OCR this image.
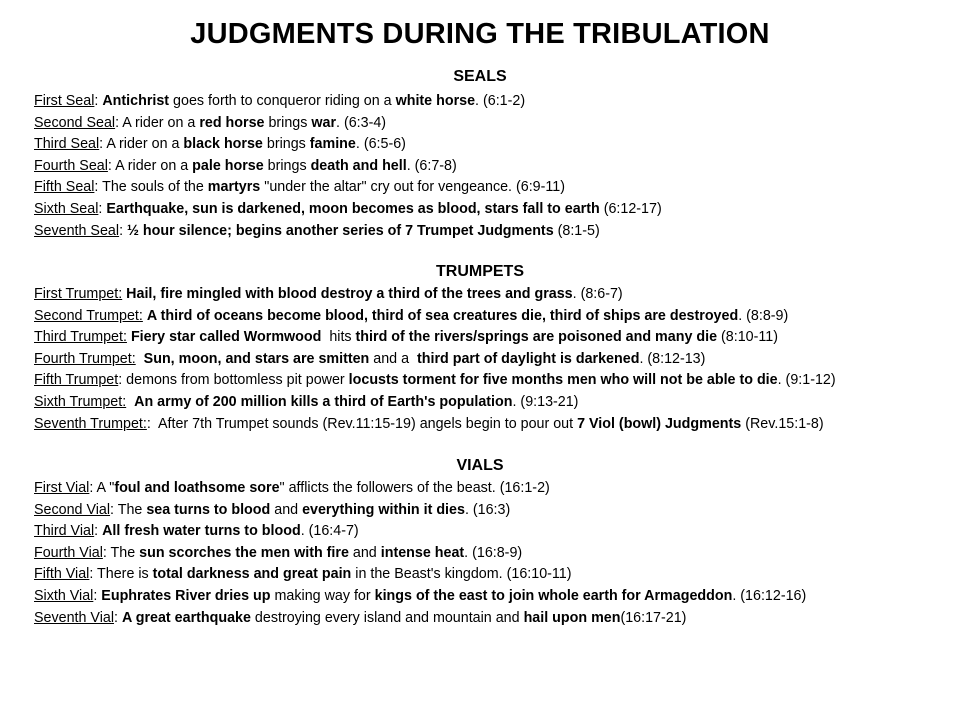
JUDGMENTS DURING THE TRIBULATION
SEALS
First Seal: Antichrist goes forth to conqueror riding on a white horse. (6:1-2)
Second Seal: A rider on a red horse brings war. (6:3-4)
Third Seal: A rider on a black horse brings famine. (6:5-6)
Fourth Seal: A rider on a pale horse brings death and hell. (6:7-8)
Fifth Seal: The souls of the martyrs "under the altar" cry out for vengeance. (6:9-11)
Sixth Seal: Earthquake, sun is darkened, moon becomes as blood, stars fall to earth (6:12-17)
Seventh Seal: ½ hour silence; begins another series of 7 Trumpet Judgments (8:1-5)
TRUMPETS
First Trumpet: Hail, fire mingled with blood destroy a third of the trees and grass. (8:6-7)
Second Trumpet: A third of oceans become blood, third of sea creatures die, third of ships are destroyed. (8:8-9)
Third Trumpet: Fiery star called Wormwood  hits third of the rivers/springs are poisoned and many die (8:10-11)
Fourth Trumpet: Sun, moon, and stars are smitten and a  third part of daylight is darkened. (8:12-13)
Fifth Trumpet: demons from bottomless pit power locusts torment for five months men who will not be able to die. (9:1-12)
Sixth Trumpet: An army of 200 million kills a third of Earth's population. (9:13-21)
Seventh Trumpet::  After 7th Trumpet sounds (Rev.11:15-19) angels begin to pour out 7 Viol (bowl) Judgments (Rev.15:1-8)
VIALS
First Vial: A "foul and loathsome sore" afflicts the followers of the beast. (16:1-2)
Second Vial: The sea turns to blood and everything within it dies. (16:3)
Third Vial: All fresh water turns to blood. (16:4-7)
Fourth Vial: The sun scorches the men with fire and intense heat. (16:8-9)
Fifth Vial: There is total darkness and great pain in the Beast's kingdom. (16:10-11)
Sixth Vial: Euphrates River dries up making way for kings of the east to join whole earth for Armageddon. (16:12-16)
Seventh Vial: A great earthquake destroying every island and mountain and hail upon men(16:17-21)
